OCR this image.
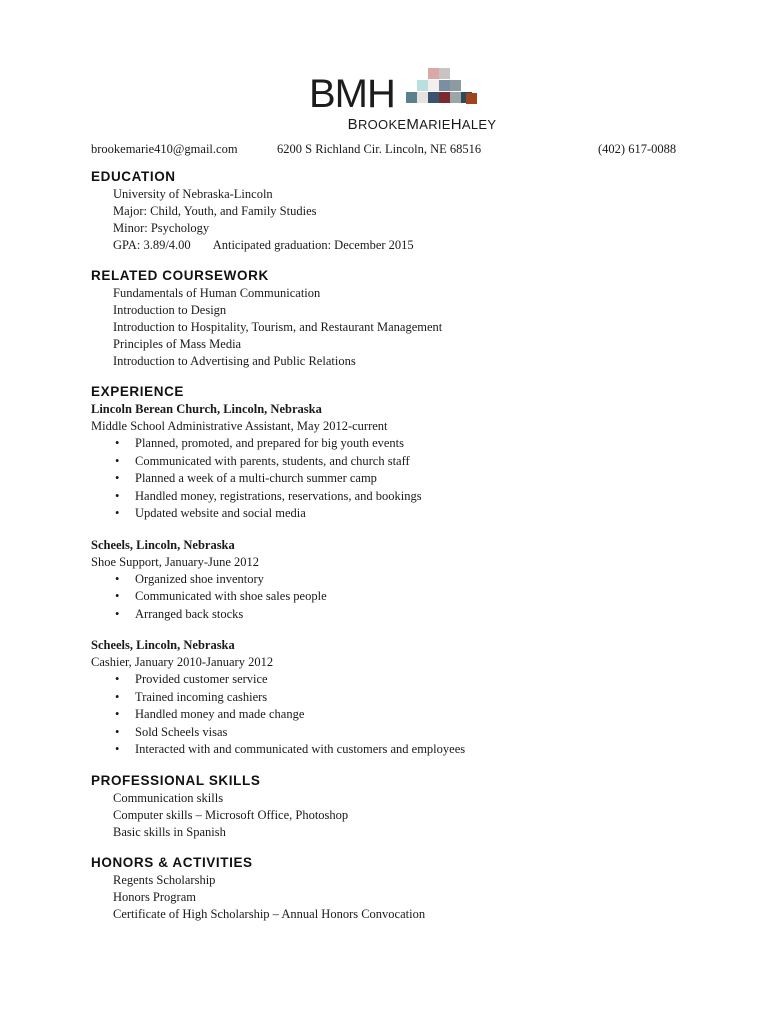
BMH
BROOKEMARIEHALEY
brookemarie410@gmail.com	6200 S Richland Cir. Lincoln, NE 68516	(402) 617-0088
EDUCATION

University of Nebraska-Lincoln

Major: Child, Youth, and Family Studies

Minor: Psychology

GPA: 3.89/4.00 Anticipated graduation: December 2015

RELATED COURSEWORK

Fundamentals of Human Communication

Introduction to Design

Introduction to Hospitality, Tourism, and Restaurant Management

Principles of Mass Media

Introduction to Advertising and Public Relations

EXPERIENCE

Lincoln Berean Church, Lincoln, Nebraska

Middle School Administrative Assistant, May 2012-current

• Planned, promoted, and prepared for big youth events
• Communicated with parents, students, and church staff
• Planned a week of a multi-church summer camp
• Handled money, registrations, reservations, and bookings
• Updated website and social media

Scheels, Lincoln, Nebraska

Shoe Support, January-June 2012

• Organized shoe inventory
• Communicated with shoe sales people
• Arranged back stocks

Scheels, Lincoln, Nebraska

Cashier, January 2010-January 2012

• Provided customer service
• Trained incoming cashiers
• Handled money and made change
• Sold Scheels visas
• Interacted with and communicated with customers and employees
PROFESSIONAL SKILLS

Communication skills

Computer skills – Microsoft Office, Photoshop

Basic skills in Spanish

HONORS & ACTIVITIES

Regents Scholarship

Honors Program

Certificate of High Scholarship – Annual Honors Convocation
